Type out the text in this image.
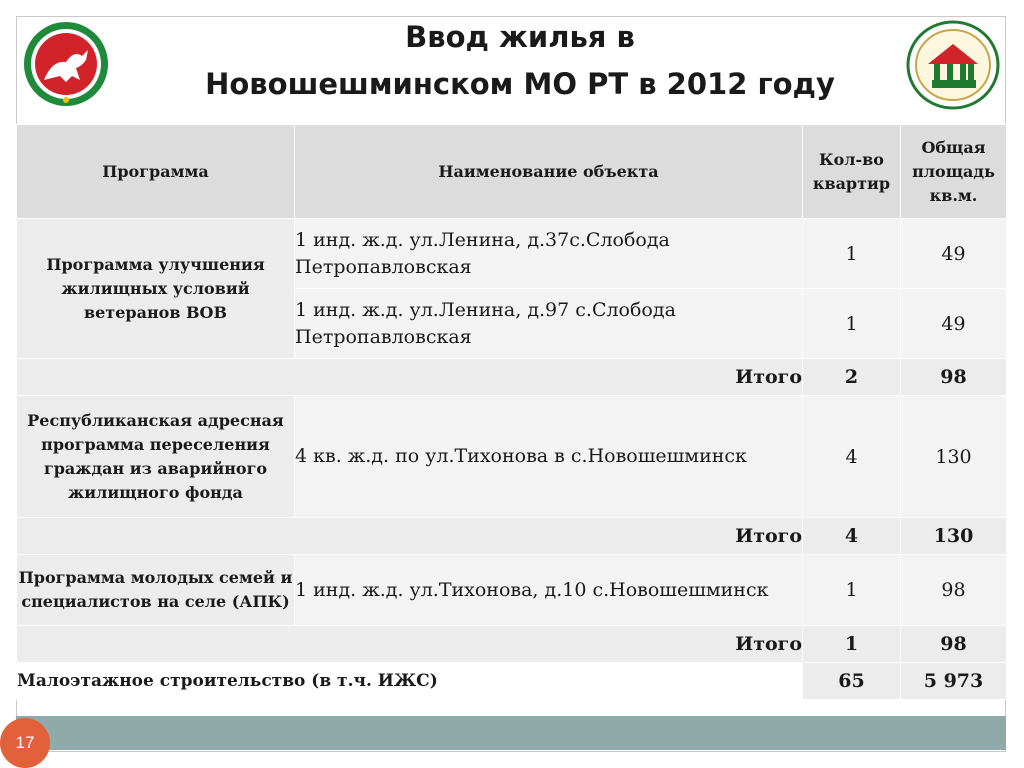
Ввод жилья в
Новошешминском МО РТ в 2012 году
Программа	Наименование объекта	Кол-во квартир	Общая площадь кв.м.
Программа улучшения жилищных условий ветеранов ВОВ	1 инд. ж.д. ул.Ленина, д.37с.Слобода Петропавловская	1	49
	1 инд. ж.д. ул.Ленина, д.97 с.Слобода Петропавловская	1	49
Итого		2	98
Республиканская адресная программа переселения граждан из аварийного жилищного фонда	4 кв. ж.д. по ул.Тихонова в с.Новошешминск	4	130
Итого		4	130
Программа молодых семей и специалистов на селе (АПК)	1 инд. ж.д. ул.Тихонова, д.10 с.Новошешминск	1	98
Итого		1	98
Малоэтажное строительство (в т.ч. ИЖС)		65	5 973
17
